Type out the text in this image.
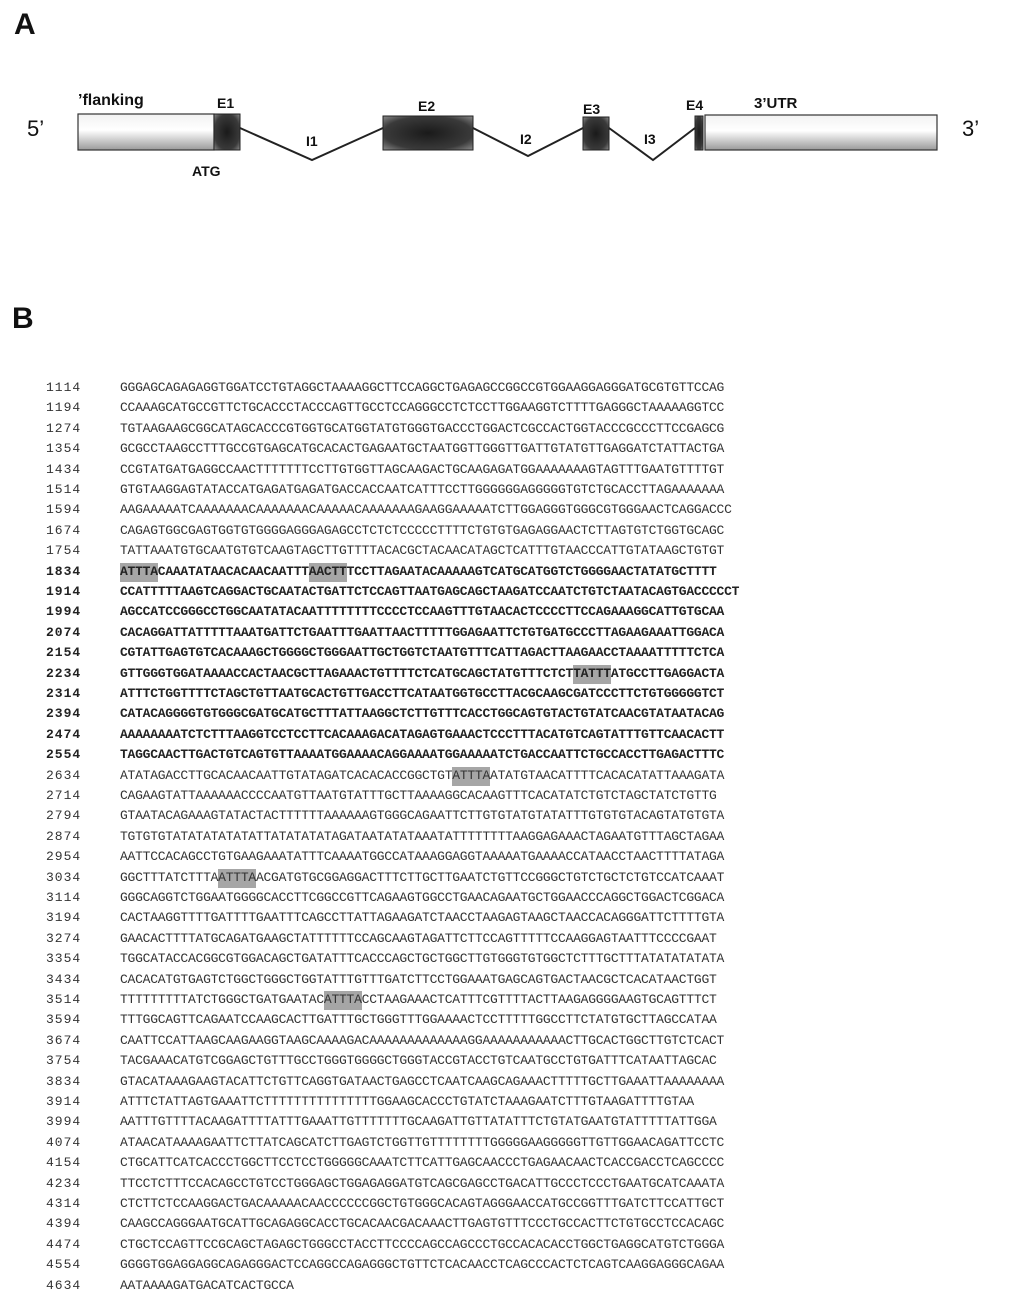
A
5’	3’
’flanking	E1
ATG
I1
E2
I2
E3
I3
E4	3’UTR
B
1114	GGGAGCAGAGAGGTGGATCCTGTAGGCTAAAAGGCTTCCAGGCTGAGAGCCGGCCGTGGAAGGAGGGATGCGTGTTCCAG
1194	CCAAAGCATGCCGTTCTGCACCCTACCCAGTTGCCTCCAGGGCCTCTCCTTGGAAGGTCTTTTGAGGGCTAAAAAGGTCC
1274	TGTAAGAAGCGGCATAGCACCCGTGGTGCATGGTATGTGGGTGACCCTGGACTCGCCACTGGTACCCGCCCTTCCGAGCG
1354	GCGCCTAAGCCTTTGCCGTGAGCATGCACACTGAGAATGCTAATGGTTGGGTTGATTGTATGTTGAGGATCTATTACTGA
1434	CCGTATGATGAGGCCAACTTTTTTTCCTTGTGGTTAGCAAGACTGCAAGAGATGGAAAAAAAGTAGTTTGAATGTTTTGT
1514	GTGTAAGGAGTATACCATGAGATGAGATGACCACCAATCATTTCCTTGGGGGGAGGGGGTGTCTGCACCTTAGAAAAAAA
1594	AAGAAAAATCAAAAAAACAAAAAAACAAAAACAAAAAAAGAAGGAAAAATCTTGGAGGGTGGGCGTGGGAACTCAGGACCC
1674	CAGAGTGGCGAGTGGTGTGGGGAGGGAGAGCCTCTCTCCCCCTTTTCTGTGTGAGAGGAACTCTTAGTGTCTGGTGCAGC
1754	TATTAAATGTGCAATGTGTCAAGTAGCTTGTTTTACACGCTACAACATAGCTCATTTGTAACCCATTGTATAAGCTGTGT
1834	ATTTACAAATATAACACAACAATTTAACTTTCCTTAGAATACAAAAAGTCATGCATGGTCTGGGGAACTATATGCTTTT
1914	CCATTTTTAAGTCAGGACTGCAATACTGATTCTCCAGTTAATGAGCAGCTAAGATCCAATCTGTCTAATACAGTGACCCCCT
1994	AGCCATCCGGGCCTGGCAATATACAATTTTTTTTCCCCTCCAAGTTTGTAACACTCCCCTTCCAGAAAGGCATTGTGCAA
2074	CACAGGATTATTTTTAAATGATTCTGAATTTGAATTAACTTTTTGGAGAATTCTGTGATGCCCTTAGAAGAAATTGGACA
2154	CGTATTGAGTGTCACAAAGCTGGGGCTGGGAATTGCTGGTCTAATGTTTCATTAGACTTAAGAACCTAAAATTTTTCTCA
2234	GTTGGGTGGATAAAACCACTAACGCTTAGAAACTGTTTTCTCATGCAGCTATGTTTCTCTTATTTATGCCTTGAGGACTA
2314	ATTTCTGGTTTTCTAGCTGTTAATGCACTGTTGACCTTCATAATGGTGCCTTACGCAAGCGATCCCTTCTGTGGGGGTCT
2394	CATACAGGGGTGTGGGCGATGCATGCTTTATTAAGGCTCTTGTTTCACCTGGCAGTGTACTGTATCAACGTATAATACAG
2474	AAAAAAAATCTCTTTAAGGTCCTCCTTCACAAAGACATAGAGTGAAACTCCCTTTACATGTCAGTATTTGTTCAACACTT
2554	TAGGCAACTTGACTGTCAGTGTTAAAATGGAAAACAGGAAAATGGAAAAATCTGACCAATTCTGCCACCTTGAGACTTTC
2634	ATATAGACCTTGCACAACAATTGTATAGATCACACACCGGCTGTATTTAATATGTAACATTTTCACACATATTAAAGATA
2714	CAGAAGTATTAAAAAACCCCAATGTTAATGTATTTGCTTAAAAGGCACAAGTTTCACATATCTGTCTAGCTATCTGTTG
2794	GTAATACAGAAAGTATACTACTTTTTTAAAAAAGTGGGCAGAATTCTTGTGTATGTATATTTGTGTGTACAGTATGTGTA
2874	TGTGTGTATATATATATATTATATATATAGATAATATATAAATATTTTTTTTAAGGAGAAACTAGAATGTTTAGCTAGAA
2954	AATTCCACAGCCTGTGAAGAAATATTTCAAAATGGCCATAAAGGAGGTAAAAATGAAAACCATAACCTAACTTTTATAGA
3034	GGCTTTATCTTTAATTTAACGATGTGCGGAGGACTTTCTTGCTTGAATCTGTTCCGGGCTGTCTGCTCTGTCCATCAAAT
3114	GGGCAGGTCTGGAATGGGGCACCTTCGGCCGTTCAGAAGTGGCCTGAACAGAATGCTGGAACCCAGGCTGGACTCGGACA
3194	CACTAAGGTTTTGATTTTGAATTTCAGCCTTATTAGAAGATCTAACCTAAGAGTAAGCTAACCACAGGGATTCTTTTGTA
3274	GAACACTTTTATGCAGATGAAGCTATTTTTTCCAGCAAGTAGATTCTTCCAGTTTTTCCAAGGAGTAATTTCCCCGAAT
3354	TGGCATACCACGGCGTGGACAGCTGATATTTCACCCAGCTGCTGGCTTGTGGGTGTGGCTCTTTGCTTTATATATATATA
3434	CACACATGTGAGTCTGGCTGGGCTGGTATTTGTTTGATCTTCCTGGAAATGAGCAGTGACTAACGCTCACATAACTGGT
3514	TTTTTTTTTATCTGGGCTGATGAATACATTTACCTAAGAAACTCATTTCGTTTTACTTAAGAGGGGAAGTGCAGTTTCT
3594	TTTGGCAGTTCAGAATCCAAGCACTTGATTTGCTGGGTTTGGAAAACTCCTTTTTGGCCTTCTATGTGCTTAGCCATAA
3674	CAATTCCATTAAGCAAGAAGGTAAGCAAAAGACAAAAAAAAAAAAAGGAAAAAAAAAAACTTGCACTGGCTTGTCTCACT
3754	TACGAAACATGTCGGAGCTGTTTGCCTGGGTGGGGCTGGGTACCGTACCTGTCAATGCCTGTGATTTCATAATTAGCAC
3834	GTACATAAAGAAGTACATTCTGTTCAGGTGATAACTGAGCCTCAATCAAGCAGAAACTTTTTGCTTGAAATTAAAAAAAA
3914	ATTTCTATTAGTGAAATTCTTTTTTTTTTTTTTTGGAAGCACCCTGTATCTAAAGAATCTTTGTAAGATTTTGTAA
3994	AATTTGTTTTACAAGATTTTATTTGAAATTGTTTTTTTGCAAGATTGTTATATTTCTGTATGAATGTATTTTTATTGGA
4074	ATAACATAAAAGAATTCTTATCAGCATCTTGAGTCTGGTTGTTTTTTTTGGGGGAAGGGGGTTGTTGGAACAGATTCCTC
4154	CTGCATTCATCACCCTGGCTTCCTCCTGGGGGCAAATCTTCATTGAGCAACCCTGAGAACAACTCACCGACCTCAGCCCC
4234	TTCCTCTTTCCACAGCCTGTCCTGGGAGCTGGAGAGGATGTCAGCGAGCCTGACATTGCCCTCCCTGAATGCATCAAATA
4314	CTCTTCTCCAAGGACTGACAAAAACAACCCCCCGGCTGTGGGCACAGTAGGGAACCATGCCGGTTTGATCTTCCATTGCT
4394	CAAGCCAGGGAATGCATTGCAGAGGCACCTGCACAACGACAAACTTGAGTGTTTCCCTGCCACTTCTGTGCCTCCACAGC
4474	CTGCTCCAGTTCCGCAGCTAGAGCTGGGCCTACCTTCCCCAGCCAGCCCTGCCACACACCTGGCTGAGGCATGTCTGGGA
4554	GGGGTGGAGGAGGCAGAGGGACTCCAGGCCAGAGGGCTGTTCTCACAACCTCAGCCCACTCTCAGTCAAGGAGGGCAGAA
4634	AATAAAAGATGACATCACTGCCA
